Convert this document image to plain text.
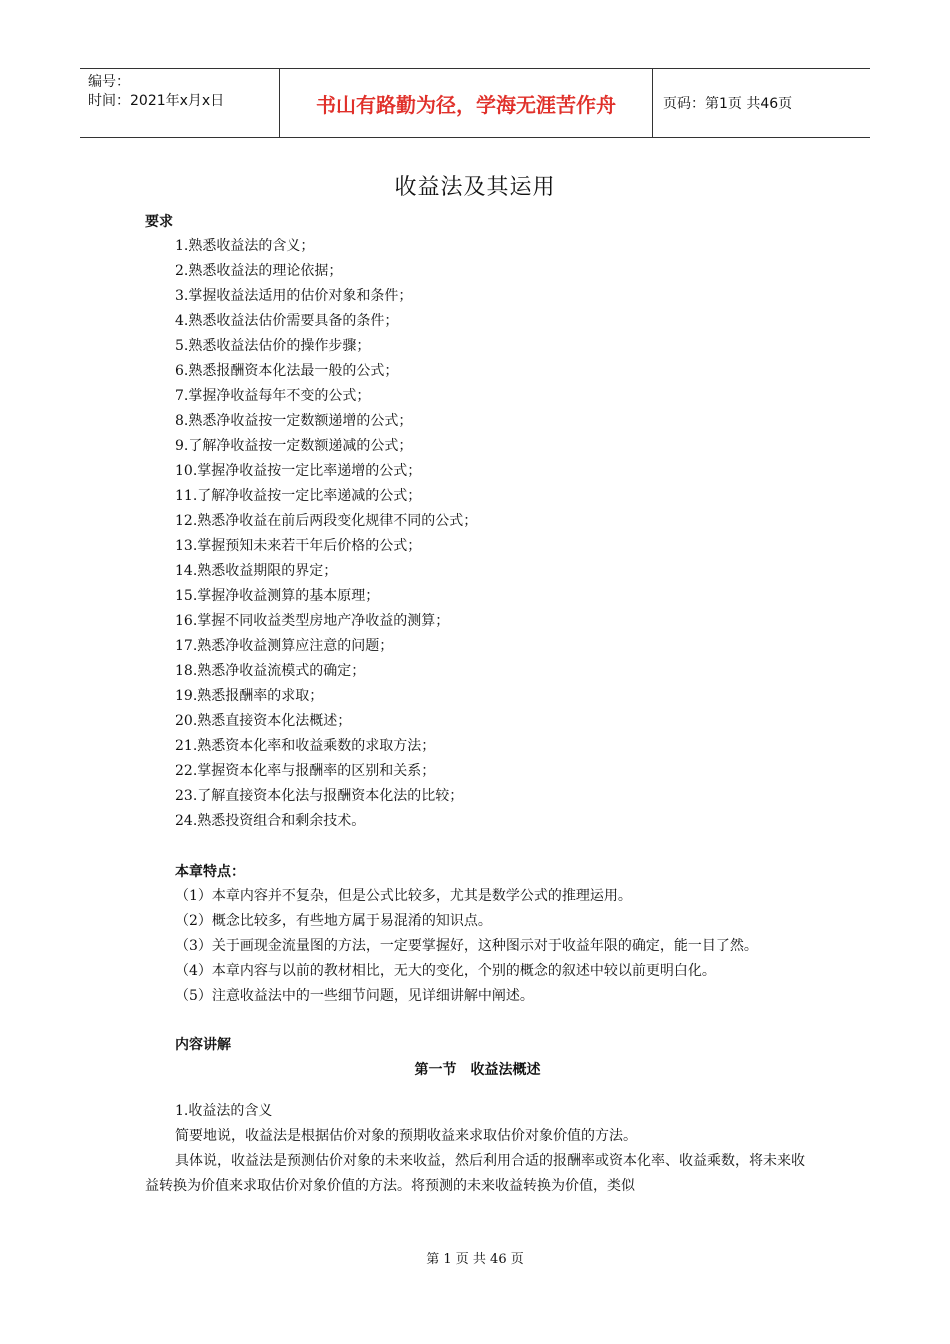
编号：
时间：2021年x月x日	书山有路勤为径，学海无涯苦作舟	页码：第1页 共46页
收益法及其运用
要求
1.熟悉收益法的含义；
2.熟悉收益法的理论依据；
3.掌握收益法适用的估价对象和条件；
4.熟悉收益法估价需要具备的条件；
5.熟悉收益法估价的操作步骤；
6.熟悉报酬资本化法最一般的公式；
7.掌握净收益每年不变的公式；
8.熟悉净收益按一定数额递增的公式；
9.了解净收益按一定数额递减的公式；
10.掌握净收益按一定比率递增的公式；
11.了解净收益按一定比率递减的公式；
12.熟悉净收益在前后两段变化规律不同的公式；
13.掌握预知未来若干年后价格的公式；
14.熟悉收益期限的界定；
15.掌握净收益测算的基本原理；
16.掌握不同收益类型房地产净收益的测算；
17.熟悉净收益测算应注意的问题；
18.熟悉净收益流模式的确定；
19.熟悉报酬率的求取；
20.熟悉直接资本化法概述；
21.熟悉资本化率和收益乘数的求取方法；
22.掌握资本化率与报酬率的区别和关系；
23.了解直接资本化法与报酬资本化法的比较；
24.熟悉投资组合和剩余技术。
本章特点：
（1）本章内容并不复杂，但是公式比较多，尤其是数学公式的推理运用。
（2）概念比较多，有些地方属于易混淆的知识点。
（3）关于画现金流量图的方法，一定要掌握好，这种图示对于收益年限的确定，能一目了然。
（4）本章内容与以前的教材相比，无大的变化，个别的概念的叙述中较以前更明白化。
（5）注意收益法中的一些细节问题，见详细讲解中阐述。
内容讲解
第一节　收益法概述

1.收益法的含义

简要地说，收益法是根据估价对象的预期收益来求取估价对象价值的方法。

具体说，收益法是预测估价对象的未来收益，然后利用合适的报酬率或资本化率、收益乘数，将未来收益转换为价值来求取估价对象价值的方法。将预测的未来收益转换为价值，类似

第 1 页 共 46 页
